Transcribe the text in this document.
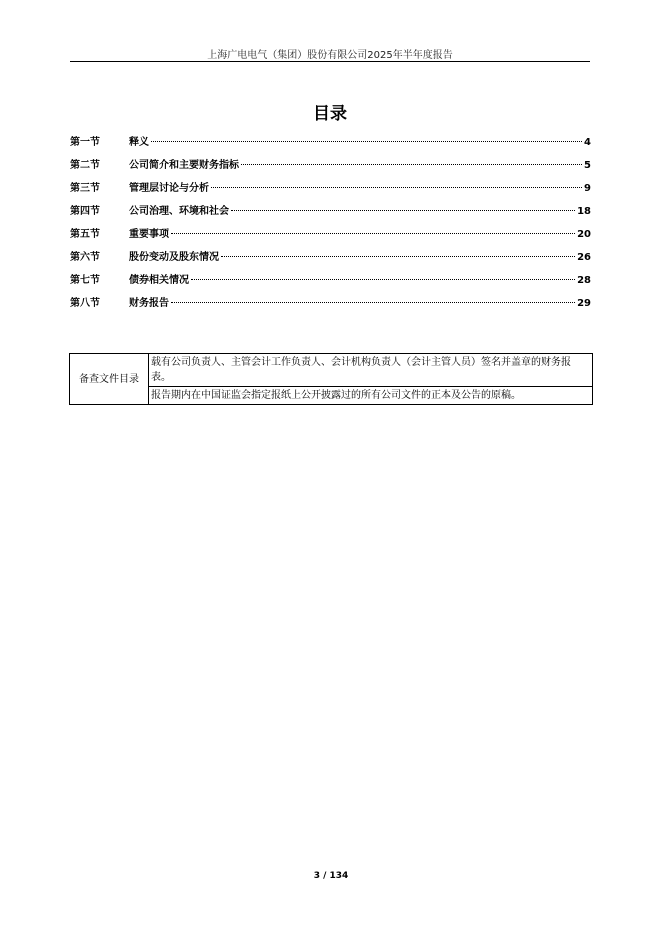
上海广电电气（集团）股份有限公司2025年半年度报告
目录
第一节	释义	4
第二节	公司简介和主要财务指标	5
第三节	管理层讨论与分析	9
第四节	公司治理、环境和社会	18
第五节	重要事项	20
第六节	股份变动及股东情况	26
第七节	债券相关情况	28
第八节	财务报告	29
备查文件目录	载有公司负责人、主管会计工作负责人、会计机构负责人（会计主管人员）签名并盖章的财务报表。
报告期内在中国证监会指定报纸上公开披露过的所有公司文件的正本及公告的原稿。
3 / 134
